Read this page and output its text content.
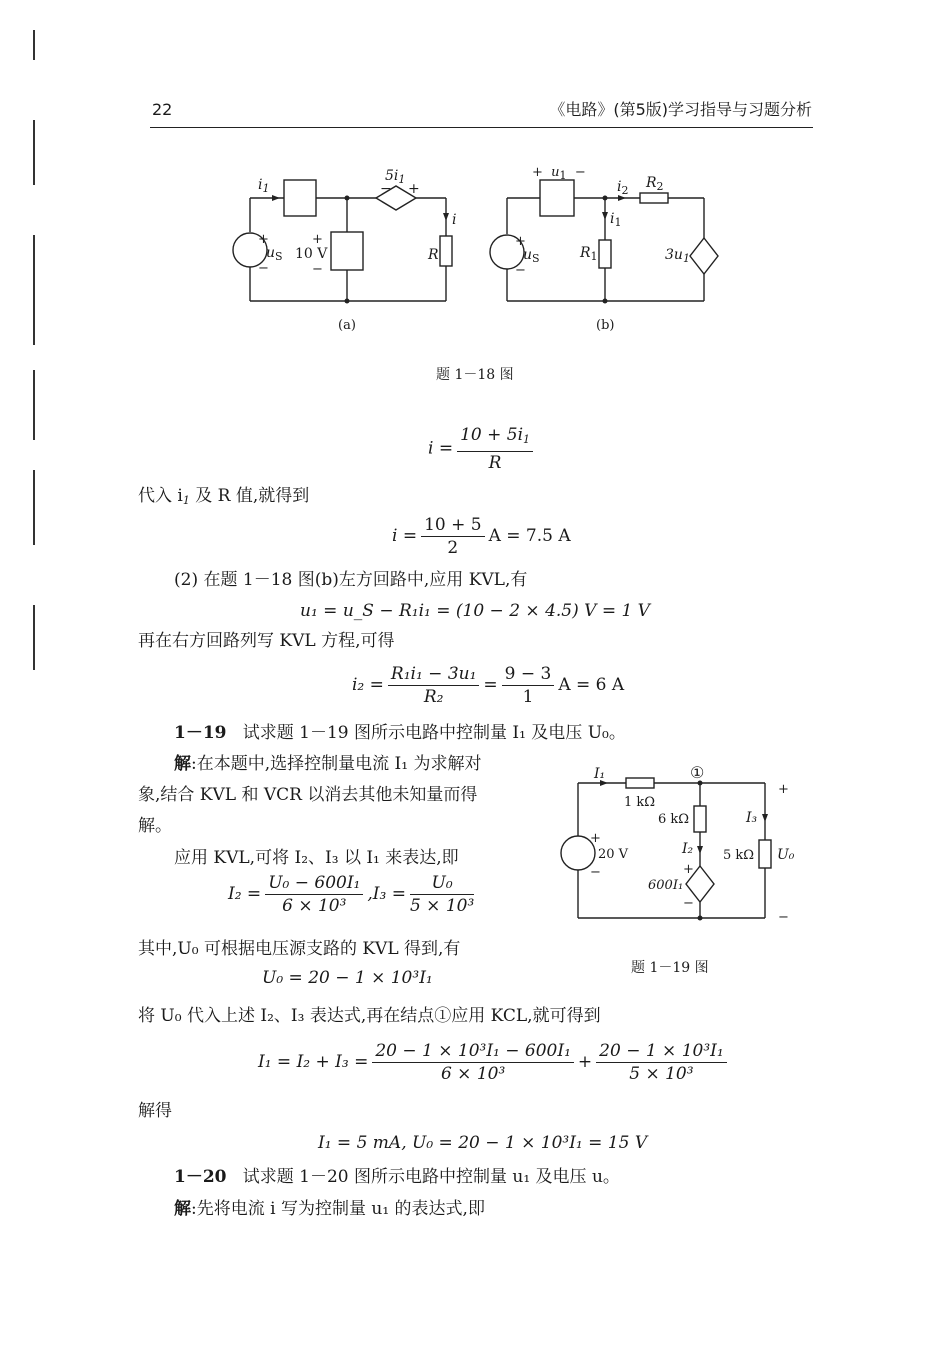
22	《电路》(第5版)学习指导与习题分析
$i_1$
$5i_1$
− +
i
+
$u_S$
−
+
10 V
−
R
(a)
+ $u_1$ −
$i_2$ $R_2$
$i_1$
+
$u_S$
−
$R_1$	$3u_1$
(b)
题 1－18 图
$i = \frac{10 + 5i_1}{R}$
代入 $i_1$ 及 R 值,就得到
$i = \frac{10 + 5}{2}$ A = 7.5 A
(2) 在题 1－18 图(b)左方回路中,应用 KVL,有
u₁ = u_S − R₁i₁ = (10 − 2 × 4.5) V = 1 V
再在右方回路列写 KVL 方程,可得
$i_2 = \frac{\text{R₁i₁ − 3u₁}}{\text{R₂}} = \frac{9 - 3}{1}$ A = 6 A
1－19 试求题 1－19 图所示电路中控制量 I₁ 及电压 U₀。
解:在本题中,选择控制量电流 I₁ 为求解对
象,结合 KVL 和 VCR 以消去其他未知量而得
解。
应用 KVL,可将 I₂、I₃ 以 I₁ 来表达,即
$I_2 = \frac{\text{U₀ − 600I₁}}{\text{6 × 10³}} ,I_3 = \frac{\text{U₀}}{\text{5 × 10³}}$
其中,U₀ 可根据电压源支路的 KVL 得到,有
U₀ = 20 − 1 × 10³I₁
将 U₀ 代入上述 I₂、I₃ 表达式,再在结点①应用 KCL,就可得到
$I_1 = I_2 + I_3 = \frac{\text{20 − 1 × 10³I₁ − 600I₁}}{\text{6 × 10³}} + \frac{\text{20 − 1 × 10³I₁}}{\text{5 × 10³}}$
解得
I₁ = 5 mA, U₀ = 20 − 1 × 10³I₁ = 15 V
I₁
1 kΩ
①
+
6 kΩ	I₃
+
I₂
20 V	5 kΩ U₀
+
−
600I₁
−
−
题 1－19 图
1－20 试求题 1－20 图所示电路中控制量 u₁ 及电压 u。
解:先将电流 i 写为控制量 u₁ 的表达式,即
